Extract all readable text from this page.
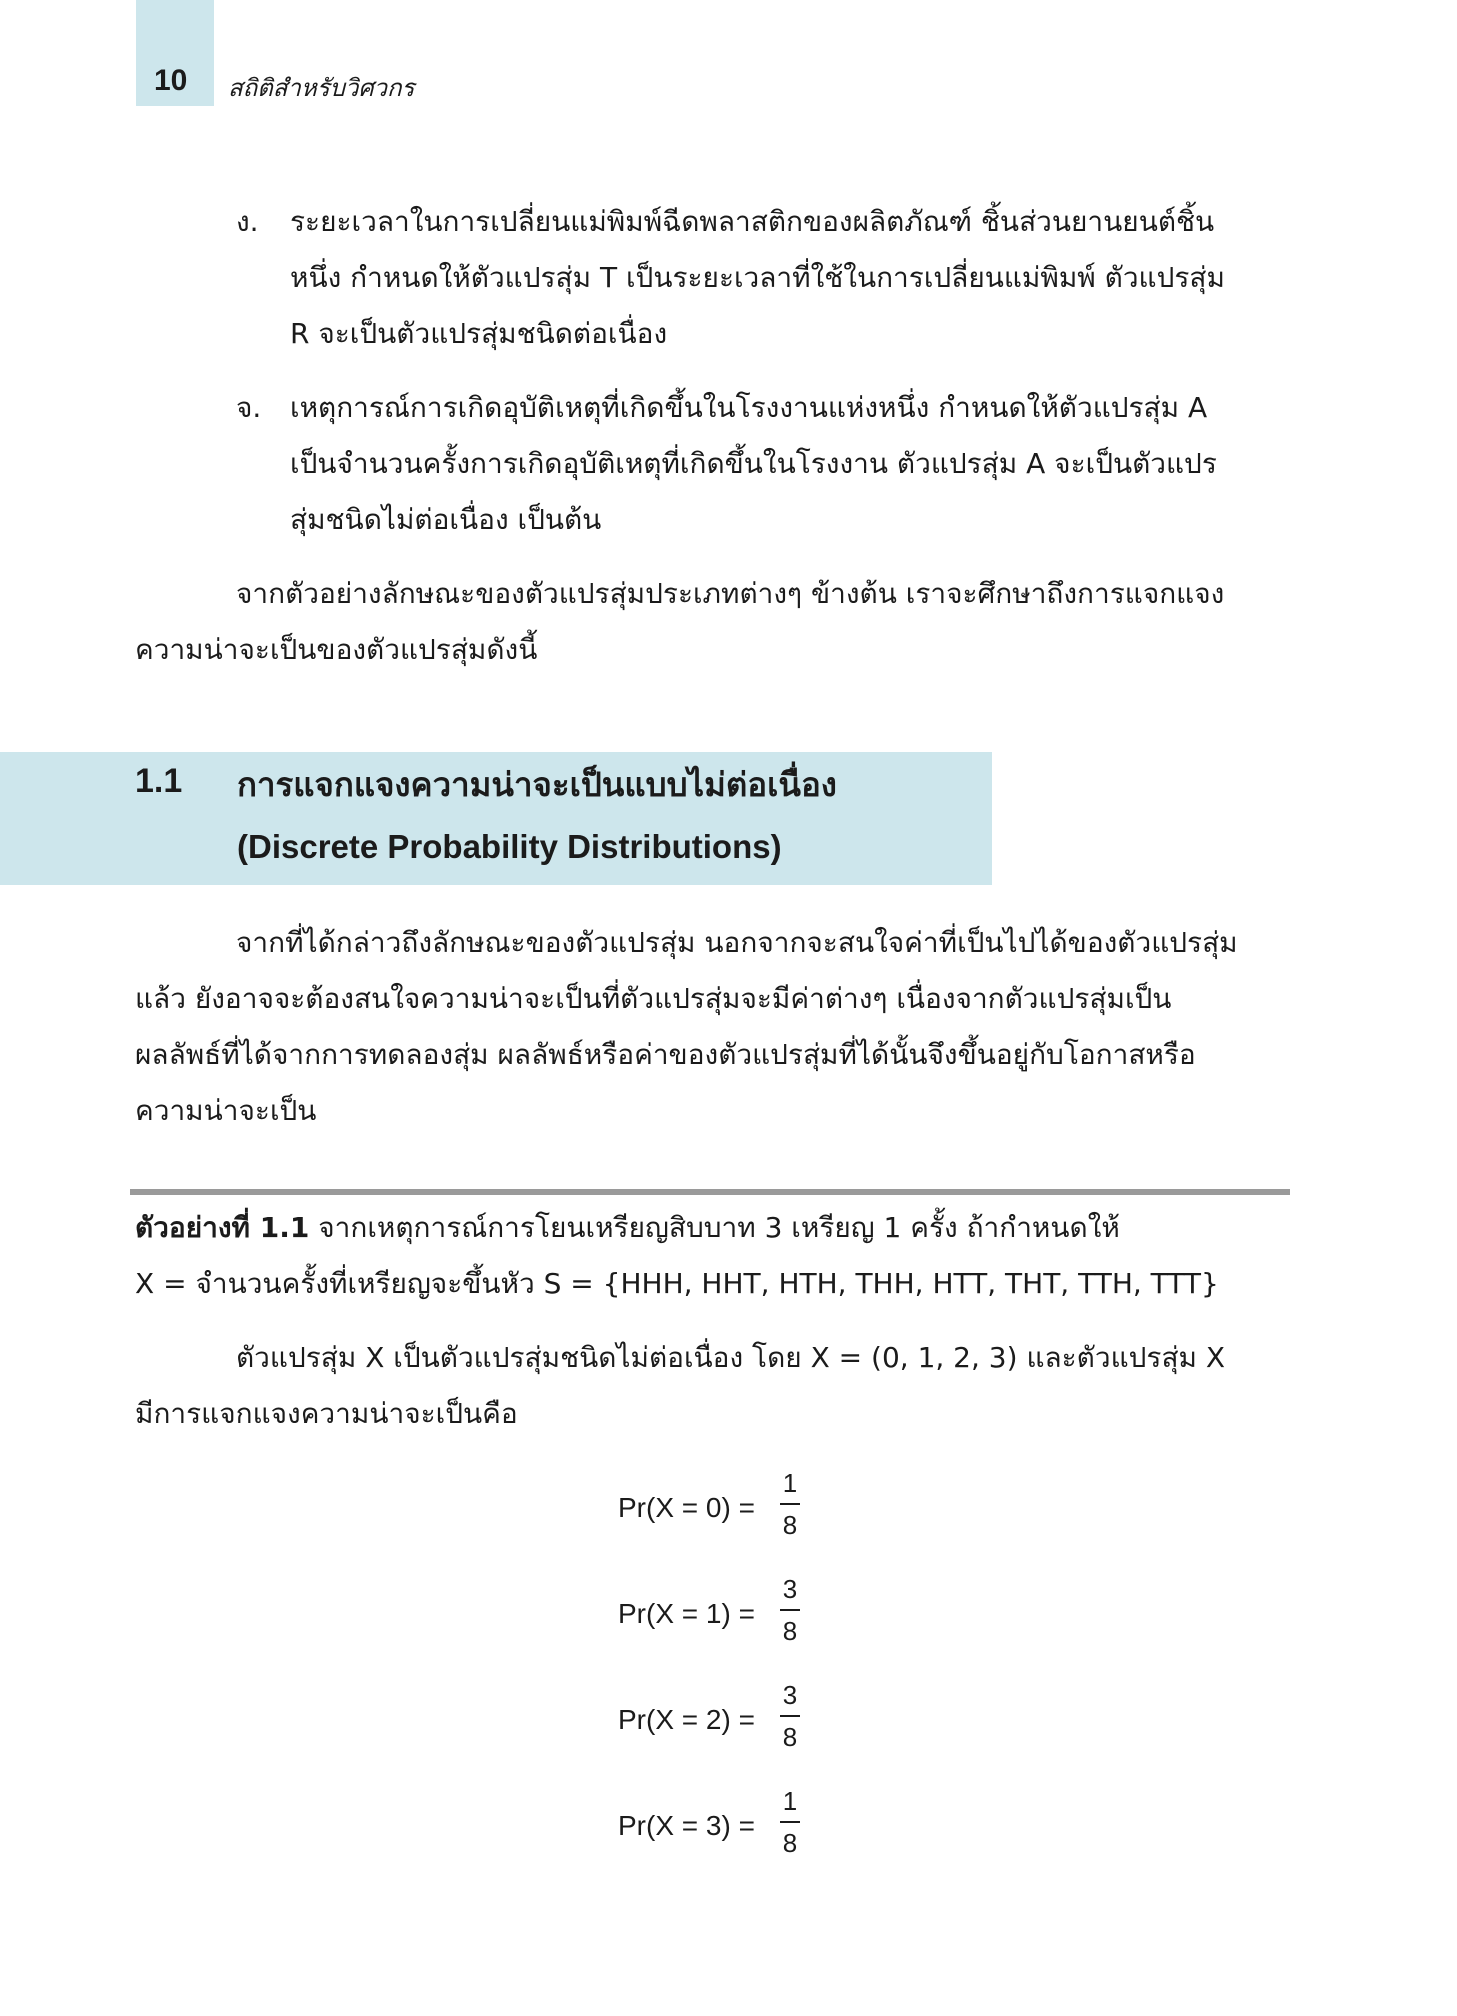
10 สถิติสำหรับวิศวกร
ง. ระยะเวลาในการเปลี่ยนแม่พิมพ์ฉีดพลาสติกของผลิตภัณฑ์ ชิ้นส่วนยานยนต์ชิ้น

หนึ่ง กำหนดให้ตัวแปรสุ่ม T เป็นระยะเวลาที่ใช้ในการเปลี่ยนแม่พิมพ์ ตัวแปรสุ่ม

R จะเป็นตัวแปรสุ่มชนิดต่อเนื่อง

จ. เหตุการณ์การเกิดอุบัติเหตุที่เกิดขึ้นในโรงงานแห่งหนึ่ง กำหนดให้ตัวแปรสุ่ม A

เป็นจำนวนครั้งการเกิดอุบัติเหตุที่เกิดขึ้นในโรงงาน ตัวแปรสุ่ม A จะเป็นตัวแปร

สุ่มชนิดไม่ต่อเนื่อง เป็นต้น

จากตัวอย่างลักษณะของตัวแปรสุ่มประเภทต่างๆ ข้างต้น เราจะศึกษาถึงการแจกแจง

ความน่าจะเป็นของตัวแปรสุ่มดังนี้

1.1 การแจกแจงความน่าจะเป็นแบบไม่ต่อเนื่อง
(Discrete Probability Distributions)

จากที่ได้กล่าวถึงลักษณะของตัวแปรสุ่ม นอกจากจะสนใจค่าที่เป็นไปได้ของตัวแปรสุ่ม

แล้ว ยังอาจจะต้องสนใจความน่าจะเป็นที่ตัวแปรสุ่มจะมีค่าต่างๆ เนื่องจากตัวแปรสุ่มเป็น

ผลลัพธ์ที่ได้จากการทดลองสุ่ม ผลลัพธ์หรือค่าของตัวแปรสุ่มที่ได้นั้นจึงขึ้นอยู่กับโอกาสหรือ

ความน่าจะเป็น

ตัวอย่างที่ 1.1 จากเหตุการณ์การโยนเหรียญสิบบาท 3 เหรียญ 1 ครั้ง ถ้ากำหนดให้

X = จำนวนครั้งที่เหรียญจะขึ้นหัว S = {HHH, HHT, HTH, THH, HTT, THT, TTH, TTT}

ตัวแปรสุ่ม X เป็นตัวแปรสุ่มชนิดไม่ต่อเนื่อง โดย X = (0, 1, 2, 3) และตัวแปรสุ่ม X

มีการแจกแจงความน่าจะเป็นคือ

Pr(X = 0) =
1
8
Pr(X = 1) =
3
8
Pr(X = 2) =
3
8
Pr(X = 3) =
1
8
